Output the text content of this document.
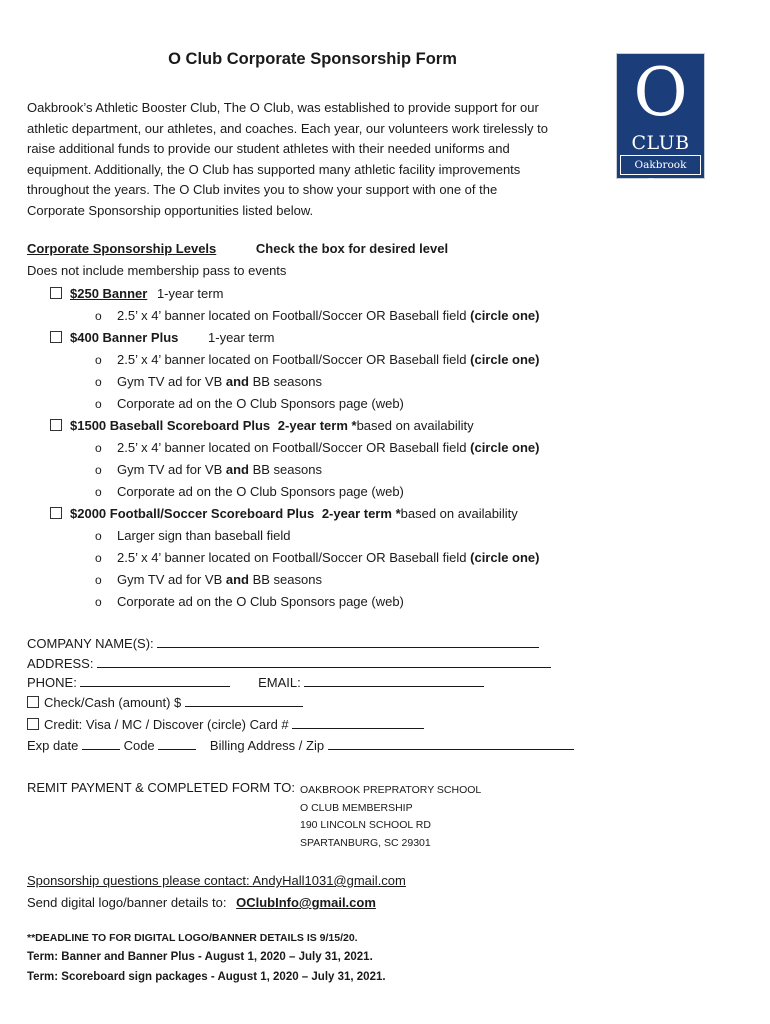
O Club Corporate Sponsorship Form	O
CLUB
Oakbrook Prep

Oakbrook’s Athletic Booster Club, The O Club, was established to provide support for our

athletic department, our athletes, and coaches. Each year, our volunteers work tirelessly to

raise additional funds to provide our student athletes with their needed uniforms and

equipment. Additionally, the O Club has supported many athletic facility improvements

throughout the years. The O Club invites you to show your support with one of the

Corporate Sponsorship opportunities listed below.

Corporate Sponsorship Levels	Check the box for desired level
Does not include membership pass to events
$250 Banner 1-year term
o 2.5’ x 4’ banner located on Football/Soccer OR Baseball field (circle one)
$400 Banner Plus 1-year term
o 2.5’ x 4’ banner located on Football/Soccer OR Baseball field (circle one)
o Gym TV ad for VB and BB seasons
o Corporate ad on the O Club Sponsors page (web)
$1500 Baseball Scoreboard Plus 2-year term *based on availability
o 2.5’ x 4’ banner located on Football/Soccer OR Baseball field (circle one)
o Gym TV ad for VB and BB seasons
o Corporate ad on the O Club Sponsors page (web)
$2000 Football/Soccer Scoreboard Plus 2-year term *based on availability
o Larger sign than baseball field
o 2.5’ x 4’ banner located on Football/Soccer OR Baseball field (circle one)
o Gym TV ad for VB and BB seasons
o Corporate ad on the O Club Sponsors page (web)
COMPANY NAME(S):
ADDRESS:
PHONE:	EMAIL:
Check/Cash (amount) $
Credit: Visa / MC / Discover (circle) Card #
Exp date	Code	Billing Address / Zip
REMIT PAYMENT & COMPLETED FORM TO: OAKBROOK PREPRATORY SCHOOL
O CLUB MEMBERSHIP
190 LINCOLN SCHOOL RD
SPARTANBURG, SC 29301
Sponsorship questions please contact: AndyHall1031@gmail.com
Send digital logo/banner details to: OClubInfo@gmail.com
**DEADLINE TO FOR DIGITAL LOGO/BANNER DETAILS IS 9/15/20.
Term: Banner and Banner Plus - August 1, 2020 – July 31, 2021.
Term: Scoreboard sign packages - August 1, 2020 – July 31, 2021.
